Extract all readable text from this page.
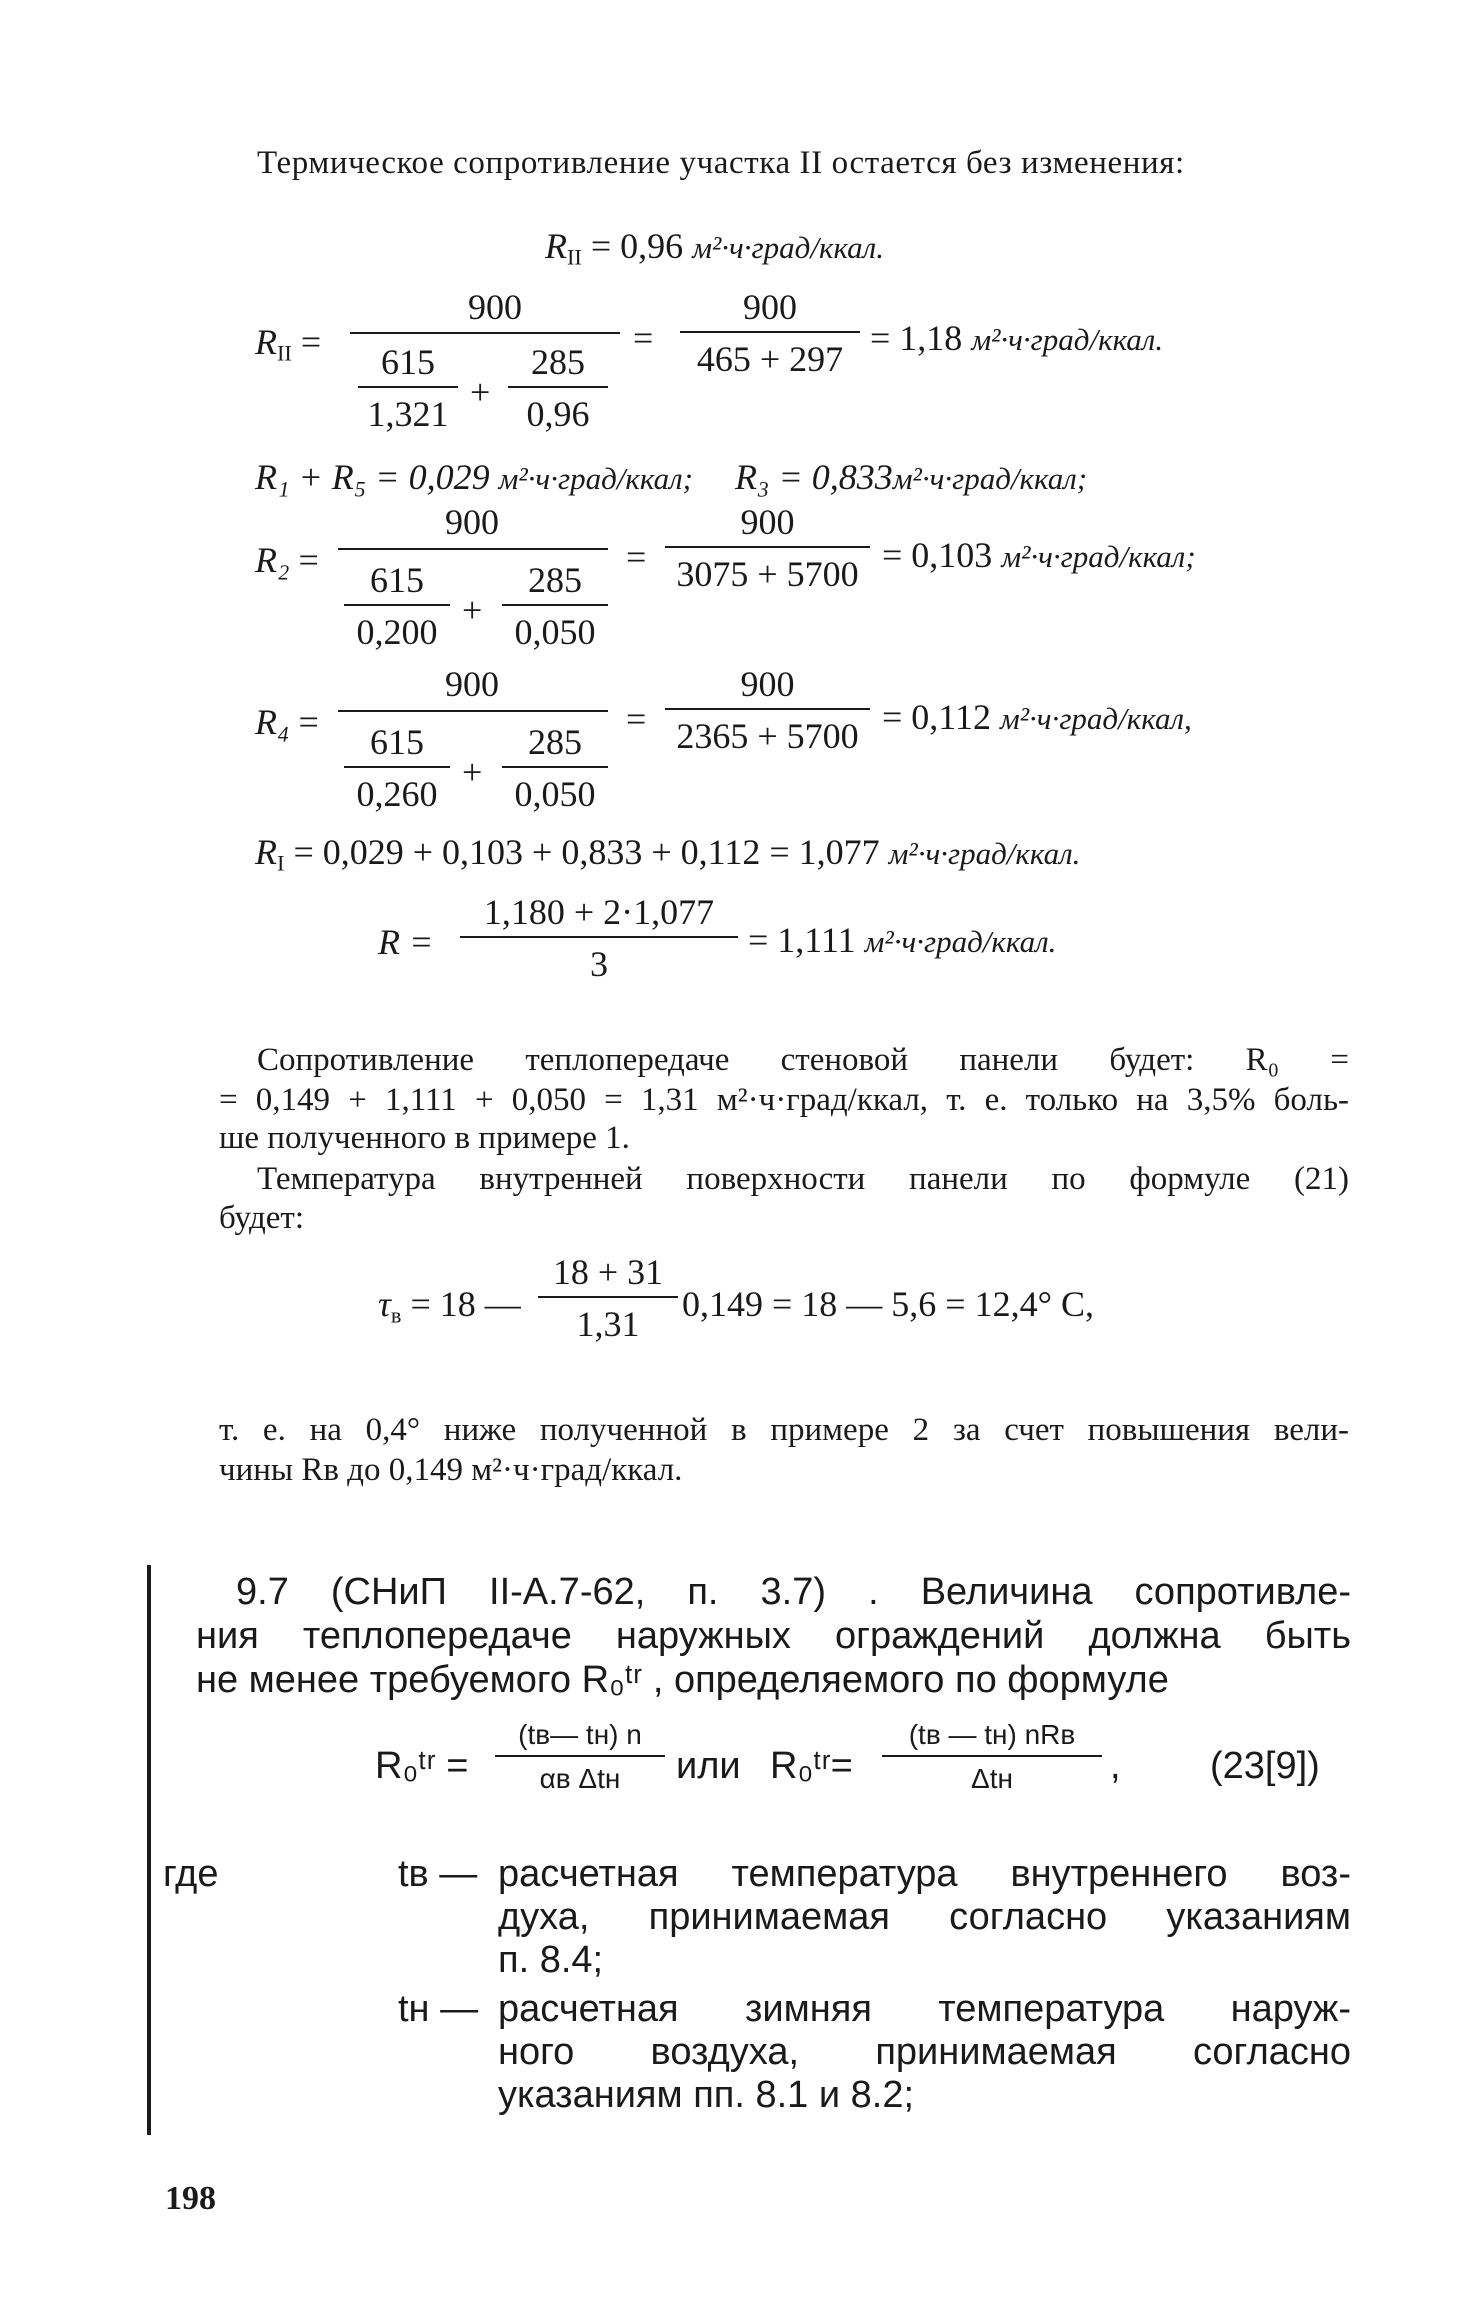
Термическое сопротивление участка II остается без изменения:
$R_{II} = 0,96$ м²·ч·град/ккал.
$R_{II}$ =
900
615
1,321
+
285
0,96
=
900
465 + 297
= 1,18 м²·ч·град/ккал.
R₁ + R₅ = 0,029 м²·ч·град/ккал; R₃ = 0,833м²·ч·град/ккал;
R₂ =
900
615
0,200
+
285
0,050
=
900
3075 + 5700 = 0,103 м²·ч·град/ккал;
R₄ =
900
615
0,260
+
285
0,050
=
900
2365 + 5700 = 0,112 м²·ч·град/ккал,
$R_I = 0,029 + 0,103 + 0,833 + 0,112 = 1,077$ м²·ч·град/ккал.
R =
1,180 + 2·1,077
3
= 1,111 м²·ч·град/ккал.
Сопротивление теплопередаче стеновой панели будет: R₀ =
= 0,149 + 1,111 + 0,050 = 1,31 м²·ч·град/ккал, т. е. только на 3,5% боль-
ше полученного в примере 1.
Температура внутренней поверхности панели по формуле (21)
будет:
$\tau_в = 18$ —
18 + 31
1,31	0,149 = 18 — 5,6 = 12,4° C,
т. е. на 0,4° ниже полученной в примере 2 за счет повышения вели-
чины Rв до 0,149 м²·ч·град/ккал.
9.7 (СНиП II-А.7-62, п. 3.7) . Величина сопротивле-
ния теплопередаче наружных ограждений должна быть
не менее требуемого R₀ᵗʳ , определяемого по формуле
R₀ᵗʳ =
(tв— tн) n
αв Δtн	или R₀ᵗʳ=
(tв — tн) nRв
Δtн	, (23[9])
где	tв — расчетная температура внутреннего воз-
духа, принимаемая согласно указаниям
п. 8.4;
tн — расчетная зимняя температура наруж-
ного воздуха, принимаемая согласно
указаниям пп. 8.1 и 8.2;
198
